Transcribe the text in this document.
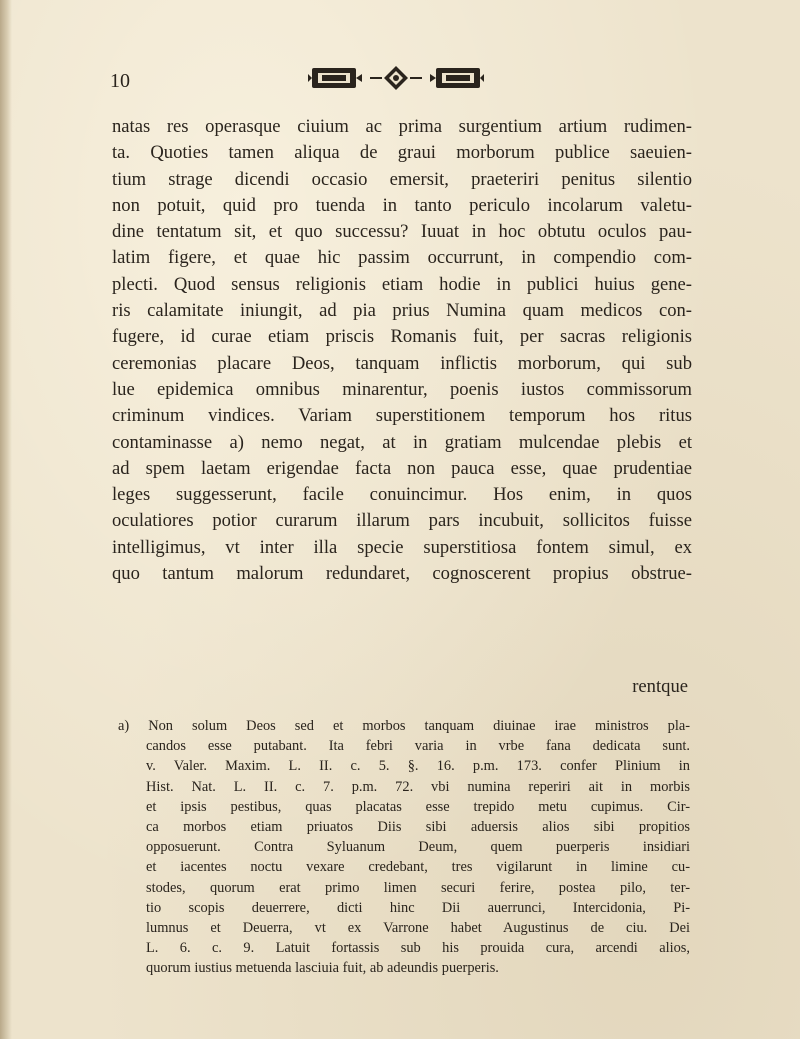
10
natas res operasque ciuium ac prima surgentium artium rudimen-
ta. Quoties tamen aliqua de graui morborum publice saeuien-
tium strage dicendi occasio emersit, praeteriri penitus silentio
non potuit, quid pro tuenda in tanto periculo incolarum valetu-
dine tentatum sit, et quo successu? Iuuat in hoc obtutu oculos pau-
latim figere, et quae hic passim occurrunt, in compendio com-
plecti. Quod sensus religionis etiam hodie in publici huius gene-
ris calamitate iniungit, ad pia prius Numina quam medicos con-
fugere, id curae etiam priscis Romanis fuit, per sacras religionis
ceremonias placare Deos, tanquam inflictis morborum, qui sub
lue epidemica omnibus minarentur, poenis iustos commissorum
criminum vindices. Variam superstitionem temporum hos ritus
contaminasse a) nemo negat, at in gratiam mulcendae plebis et
ad spem laetam erigendae facta non pauca esse, quae prudentiae
leges suggesserunt, facile conuincimur. Hos enim, in quos
oculatiores potior curarum illarum pars incubuit, sollicitos fuisse
intelligimus, vt inter illa specie superstitiosa fontem simul, ex
quo tantum malorum redundaret, cognoscerent propius obstrue-
rentque
a) Non solum Deos sed et morbos tanquam diuinae irae ministros pla-
candos esse putabant. Ita febri varia in vrbe fana dedicata sunt.
v. Valer. Maxim. L. II. c. 5. §. 16. p.m. 173. confer Plinium in
Hist. Nat. L. II. c. 7. p.m. 72. vbi numina reperiri ait in morbis
et ipsis pestibus, quas placatas esse trepido metu cupimus. Cir-
ca morbos etiam priuatos Diis sibi aduersis alios sibi propitios
opposuerunt. Contra Syluanum Deum, quem puerperis insidiari
et iacentes noctu vexare credebant, tres vigilarunt in limine cu-
stodes, quorum erat primo limen securi ferire, postea pilo, ter-
tio scopis deuerrere, dicti hinc Dii auerrunci, Intercidonia, Pi-
lumnus et Deuerra, vt ex Varrone habet Augustinus de ciu. Dei
L. 6. c. 9. Latuit fortassis sub his prouida cura, arcendi alios,
quorum iustius metuenda lasciuia fuit, ab adeundis puerperis.
